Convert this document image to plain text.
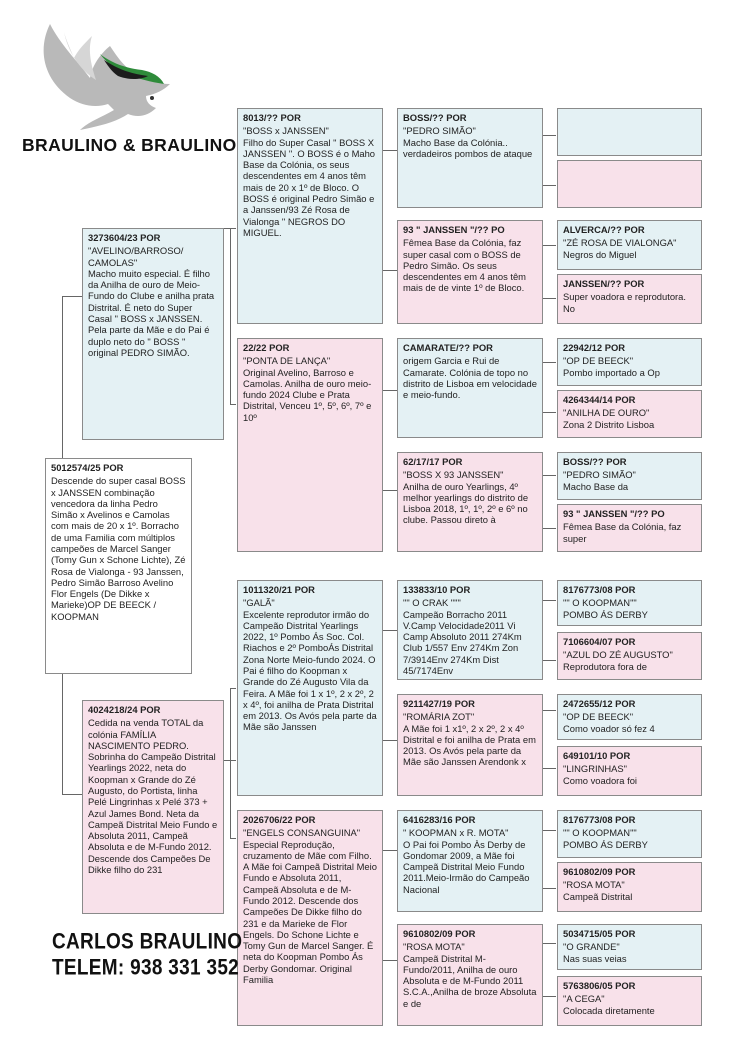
BRAULINO & BRAULINO
5012574/25 POR
Descende do super casal BOSS x JANSSEN combinação vencedora da linha Pedro Simão x Avelinos e Camolas com mais de 20 x 1º. Borracho de uma Familia com múltiplos campeões de Marcel Sanger (Tomy Gun x Schone Lichte), Zé Rosa de Vialonga - 93 Janssen, Pedro Simão Barroso Avelino Flor Engels (De Dikke x Marieke)OP DE BEECK / KOOPMAN
3273604/23 POR
"AVELINO/BARROSO/ CAMOLAS"
Macho muito especial. É filho da Anilha de ouro de Meio-Fundo do Clube e anilha prata Distrital. É neto do Super Casal " BOSS x JANSSEN. Pela parte da Mãe e do Pai é duplo neto do " BOSS " original PEDRO SIMÃO.
4024218/24 POR
Cedida na venda TOTAL da colónia FAMÍLIA NASCIMENTO PEDRO. Sobrinha do Campeão Distrital Yearlings 2022, neta do Koopman x Grande do Zé Augusto, do Portista, linha Pelé Lingrinhas x Pelé 373 + Azul James Bond. Neta da Campeã Distrital Meio Fundo e Absoluta 2011, Campeã Absoluta e de M-Fundo 2012. Descende dos Campeões De Dikke filho do 231
8013/?? POR
"BOSS x JANSSEN"
Filho do Super Casal " BOSS X JANSSEN ". O BOSS é o Maho Base da Colónia, os seus descendentes em 4 anos têm mais de 20 x 1º de Bloco. O BOSS é original Pedro Simão e a Janssen/93 Zé Rosa de Vialonga " NEGROS DO MIGUEL.
22/22 POR
"PONTA DE LANÇA"
Original Avelino, Barroso e Camolas. Anilha de ouro meio-fundo 2024 Clube e Prata Distrital, Venceu 1º, 5º, 6º, 7º e 10º
1011320/21 POR
"GALÃ"
Excelente reprodutor irmão do Campeão Distrital Yearlings 2022, 1º Pombo Ás Soc. Col. Riachos e 2º PomboÁs Distrital Zona Norte Meio-fundo 2024. O Pai é filho do Koopman x Grande do Zé Augusto Vila da Feira. A Mãe foi 1 x 1º, 2 x 2º, 2 x 4º, foi anilha de Prata Distrital em 2013. Os Avós pela parte da Mãe são Janssen
2026706/22 POR
"ENGELS CONSANGUINA"
Especial Reprodução, cruzamento de Mãe com Filho. A Mãe foi Campeã Distrital Meio Fundo e Absoluta 2011, Campeã Absoluta e de M-Fundo 2012. Descende dos Campeões De Dikke filho do 231 e da Marieke de Flor Engels. Do Schone Lichte e Tomy Gun de Marcel Sanger. É neta do Koopman Pombo Ás Derby Gondomar. Original Familia
BOSS/?? POR
"PEDRO SIMÃO"
Macho Base da Colónia.. verdadeiros pombos de ataque
93 " JANSSEN "/?? PO
Fêmea Base da Colónia, faz super casal com o BOSS de Pedro Simão. Os seus descendentes em 4 anos têm mais de de vinte 1º de Bloco.
CAMARATE/?? POR
origem Garcia e Rui de Camarate. Colónia de topo no distrito de Lisboa em velocidade e meio-fundo.
62/17/17 POR
"BOSS X 93 JANSSEN"
Anilha de ouro Yearlings, 4º melhor yearlings do distrito de Lisboa 2018, 1º, 1º, 2º e 6º no clube. Passou direto à
133833/10 POR
"" O CRAK """
Campeão Borracho 2011 V.Camp Velocidade2011 Vi Camp Absoluto 2011 274Km Club 1/557 Env 274Km Zon 7/3914Env 274Km Dist 45/7174Env
9211427/19 POR
"ROMÁRIA ZOT"
A Mãe foi 1 x1º, 2 x 2º, 2 x 4º Distrital e foi anilha de Prata em 2013. Os Avós pela parte da Mãe são Janssen Arendonk x
6416283/16 POR
" KOOPMAN x R. MOTA"
O Pai foi Pombo Às Derby de Gondomar 2009, a Mãe foi Campeã Distrital Meio Fundo 2011.Meio-Irmão do Campeão Nacional
9610802/09 POR
"ROSA MOTA"
Campeã Distrital M-Fundo/2011, Anilha de ouro Absoluta e de M-Fundo 2011 S.C.A.,Anilha de broze Absoluta e de
ALVERCA/?? POR
"ZÉ ROSA DE VIALONGA"
Negros do Miguel
JANSSEN/?? POR
Super voadora e reprodutora. No
22942/12 POR
"OP DE BEECK"
Pombo importado a Op
4264344/14 POR
"ANILHA DE OURO"
Zona 2 Distrito Lisboa
BOSS/?? POR
"PEDRO SIMÃO"
Macho Base da
93 " JANSSEN "/?? PO
Fêmea Base da Colónia, faz super
8176773/08 POR
"" O KOOPMAN""
POMBO ÁS DERBY
7106604/07 POR
"AZUL DO ZÉ AUGUSTO"
Reprodutora fora de
2472655/12 POR
"OP DE BEECK"
Como voador só fez 4
649101/10 POR
"LINGRINHAS"
Como voadora foi
8176773/08 POR
"" O KOOPMAN""
POMBO ÁS DERBY
9610802/09 POR
"ROSA MOTA"
Campeã Distrital
5034715/05 POR
"O GRANDE"
Nas suas veias
5763806/05 POR
"A CEGA"
Colocada diretamente
CARLOS BRAULINO
TELEM: 938 331 352
